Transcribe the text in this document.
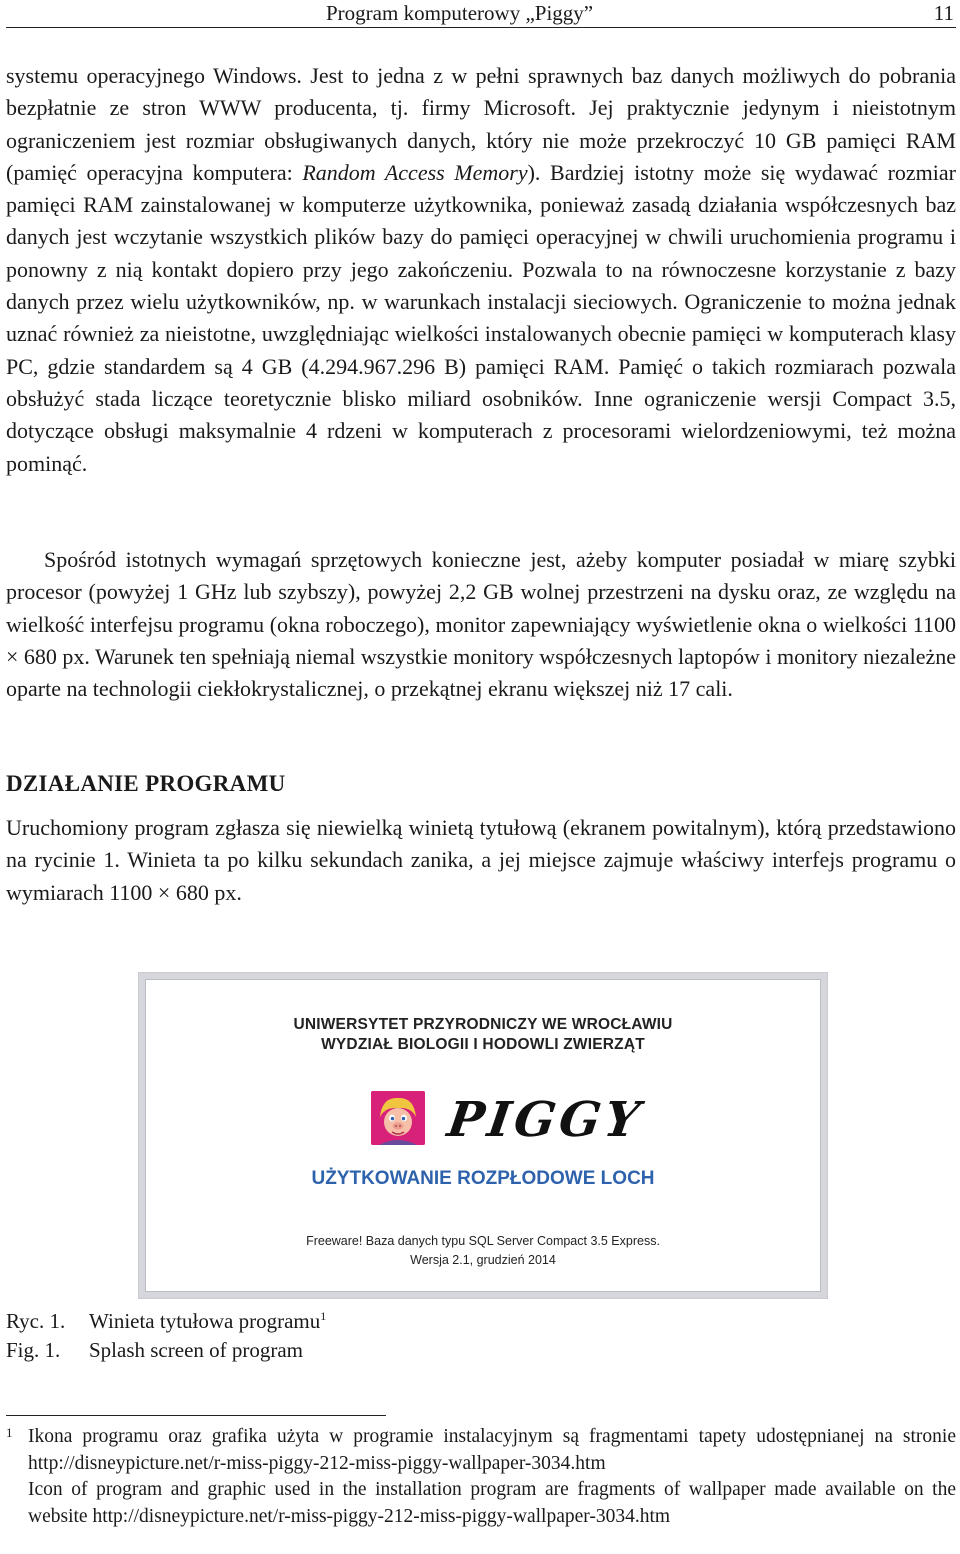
Program komputerowy „Piggy”	11
systemu operacyjnego Windows. Jest to jedna z w pełni sprawnych baz danych możliwych do pobrania bezpłatnie ze stron WWW producenta, tj. firmy Microsoft. Jej praktycznie jedynym i nieistotnym ograniczeniem jest rozmiar obsługiwanych danych, który nie może przekroczyć 10 GB pamięci RAM (pamięć operacyjna komputera: Random Access Memory). Bardziej istotny może się wydawać rozmiar pamięci RAM zainstalowanej w komputerze użytkownika, ponieważ zasadą działania współczesnych baz danych jest wczytanie wszystkich plików bazy do pamięci operacyjnej w chwili uruchomienia programu i ponowny z nią kontakt dopiero przy jego zakończeniu. Pozwala to na równoczesne korzystanie z bazy danych przez wielu użytkowników, np. w warunkach instalacji sieciowych. Ograniczenie to można jednak uznać również za nieistotne, uwzględniając wielkości instalowanych obecnie pamięci w komputerach klasy PC, gdzie standardem są 4 GB (4.294.967.296 B) pamięci RAM. Pamięć o takich rozmiarach pozwala obsłużyć stada liczące teoretycznie blisko miliard osobników. Inne ograniczenie wersji Compact 3.5, dotyczące obsługi maksymalnie 4 rdzeni w komputerach z procesorami wielordzeniowymi, też można pominąć.
Spośród istotnych wymagań sprzętowych konieczne jest, ażeby komputer posiadał w miarę szybki procesor (powyżej 1 GHz lub szybszy), powyżej 2,2 GB wolnej przestrzeni na dysku oraz, ze względu na wielkość interfejsu programu (okna roboczego), monitor zapewniający wyświetlenie okna o wielkości 1100 × 680 px. Warunek ten spełniają niemal wszystkie monitory współczesnych laptopów i monitory niezależne oparte na technologii ciekłokrystalicznej, o przekątnej ekranu większej niż 17 cali.
DZIAŁANIE PROGRAMU
Uruchomiony program zgłasza się niewielką winietą tytułową (ekranem powitalnym), którą przedstawiono na rycinie 1. Winieta ta po kilku sekundach zanika, a jej miejsce zajmuje właściwy interfejs programu o wymiarach 1100 × 680 px.
UNIWERSYTET PRZYRODNICZY WE WROCŁAWIU
WYDZIAŁ BIOLOGII I HODOWLI ZWIERZĄT
PIGGY
UŻYTKOWANIE ROZPŁODOWE LOCH
Freeware! Baza danych typu SQL Server Compact 3.5 Express.
Wersja 2.1, grudzień 2014
Ryc. 1. Winieta tytułowa programu$^1$
Fig. 1. Splash screen of program
1 Ikona programu oraz grafika użyta w programie instalacyjnym są fragmentami tapety udostępnianej na stronie http://disneypicture.net/r-miss-piggy-212-miss-piggy-wallpaper-3034.htm

Icon of program and graphic used in the installation program are fragments of wallpaper made available on the website http://disneypicture.net/r-miss-piggy-212-miss-piggy-wallpaper-3034.htm
